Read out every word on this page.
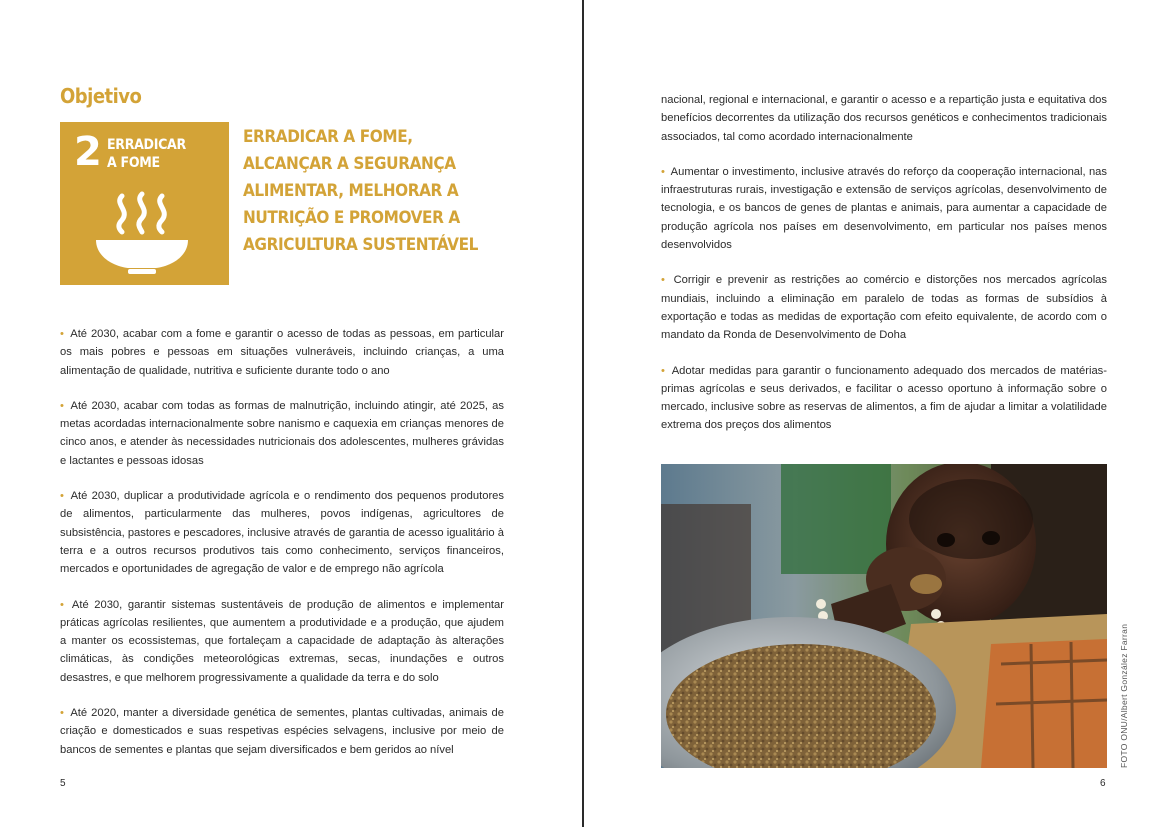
Objetivo
2 ERRADICAR
A FOME
ERRADICAR A FOME, ALCANÇAR A SEGURANÇA ALIMENTAR, MELHORAR A NUTRIÇÃO E PROMOVER A AGRICULTURA SUSTENTÁVEL
• Até 2030, acabar com a fome e garantir o acesso de todas as pessoas, em particular os mais pobres e pessoas em situações vulneráveis, incluindo crianças, a uma alimentação de qualidade, nutritiva e suficiente durante todo o ano
• Até 2030, acabar com todas as formas de malnutrição, incluindo atingir, até 2025, as metas acordadas internacionalmente sobre nanismo e caquexia em crianças menores de cinco anos, e atender às necessidades nutricionais dos adolescentes, mulheres grávidas e lactantes e pessoas idosas
• Até 2030, duplicar a produtividade agrícola e o rendimento dos pequenos produtores de alimentos, particularmente das mulheres, povos indígenas, agricultores de subsistência, pastores e pescadores, inclusive através de garantia de acesso igualitário à terra e a outros recursos produtivos tais como conhecimento, serviços financeiros, mercados e oportunidades de agregação de valor e de emprego não agrícola
• Até 2030, garantir sistemas sustentáveis de produção de alimentos e implementar práticas agrícolas resilientes, que aumentem a produtividade e a produção, que ajudem a manter os ecossistemas, que fortaleçam a capacidade de adaptação às alterações climáticas, às condições meteorológicas extremas, secas, inundações e outros desastres, e que melhorem progressivamente a qualidade da terra e do solo
• Até 2020, manter a diversidade genética de sementes, plantas cultivadas, animais de criação e domesticados e suas respetivas espécies selvagens, inclusive por meio de bancos de sementes e plantas que sejam diversificados e bem geridos ao nível
5
nacional, regional e internacional, e garantir o acesso e a repartição justa e equitativa dos benefícios decorrentes da utilização dos recursos genéticos e conhecimentos tradicionais associados, tal como acordado internacionalmente
• Aumentar o investimento, inclusive através do reforço da cooperação internacional, nas infraestruturas rurais, investigação e extensão de serviços agrícolas, desenvolvimento de tecnologia, e os bancos de genes de plantas e animais, para aumentar a capacidade de produção agrícola nos países em desenvolvimento, em particular nos países menos desenvolvidos
• Corrigir e prevenir as restrições ao comércio e distorções nos mercados agrícolas mundiais, incluindo a eliminação em paralelo de todas as formas de subsídios à exportação e todas as medidas de exportação com efeito equivalente, de acordo com o mandato da Ronda de Desenvolvimento de Doha
• Adotar medidas para garantir o funcionamento adequado dos mercados de matérias-primas agrícolas e seus derivados, e facilitar o acesso oportuno à informação sobre o mercado, inclusive sobre as reservas de alimentos, a fim de ajudar a limitar a volatilidade extrema dos preços dos alimentos
FOTO ONU/Albert González Farran
6
